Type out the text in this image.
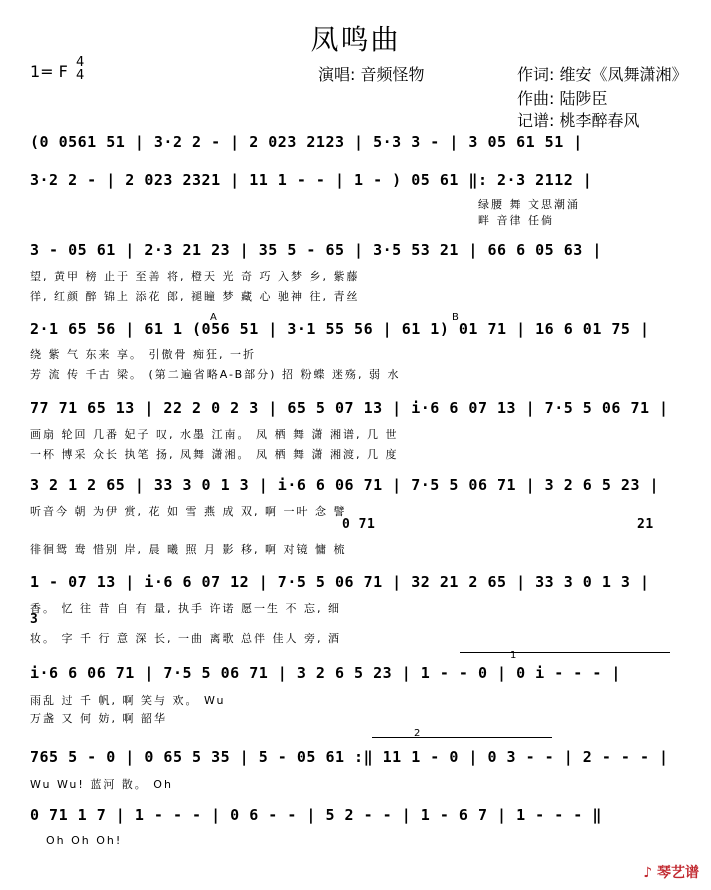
凤鸣曲
1= F 4
4	演唱: 音频怪物	作词: 维安《凤舞潇湘》
作曲: 陆陟臣
记谱: 桃李醉春风
(0 0561 51 | 3·2 2 - | 2 023 2123 | 5·3 3 - | 3 05 61 51 |
3·2 2 - | 2 023 2321 | 11 1 - - | 1 - ) 05 61 ‖: 2·3 2112 |
绿腰 舞 文思潮涌
畔 音律 任倘
3 - 05 61 | 2·3 21 23 | 35 5 - 65 | 3·5 53 21 | 66 6 05 63 |
望, 黄甲 榜 止于 至善 将, 橙天 光 奇 巧 入梦 乡, 紫藤
徉, 红颜 醉 锦上 添花 郎, 褪瞳 梦 藏 心 驰神 往, 青丝
A	B
2·1 65 56 | 61 1 (056 51 | 3·1 55 56 | 61 1) 01 71 | 16 6 01 75 |
绕 紫 气 东来 享。 引傲骨 痴狂, 一折
芳 流 传 千古 梁。 (第二遍省略A-B部分) 招 粉蝶 迷殇, 弱 水
77 71 65 13 | 22 2 0 2 3 | 65 5 07 13 | i·6 6 07 13 | 7·5 5 06 71 |
画扇 轮回 几番 妃子 叹, 水墨 江南。 凤 栖 舞 潇 湘谱, 几 世
一杯 博采 众长 执笔 扬, 凤舞 潇湘。 凤 栖 舞 潇 湘渡, 几 度
3 2 1 2 65 | 33 3 0 1 3 | i·6 6 06 71 | 7·5 5 06 71 | 3 2 6 5 23 |
听音今 朝 为伊 赏, 花 如 雪 燕 成 双, 啊 一叶 念 譬
0 71	21
徘徊鸳 鸯 惜别 岸, 晨 曦 照 月 影 移, 啊 对镜 慵 梳
1 - 07 13 | i·6 6 07 12 | 7·5 5 06 71 | 32 21 2 65 | 33 3 0 1 3 |
香。 忆 往 昔 自 有 量, 执手 许诺 愿一生 不 忘, 细
3
妆。 字 千 行 意 深 长, 一曲 离歌 总伴 佳人 旁, 酒
1
i·6 6 06 71 | 7·5 5 06 71 | 3 2 6 5 23 | 1 - - 0 | 0 i - - - |
雨乱 过 千 帆, 啊 笑与 欢。 Wu
万盏 又 何 妨, 啊 韶华
2
765 5 - 0 | 0 65 5 35 | 5 - 05 61 :‖ 11 1 - 0 | 0 3 - - | 2 - - - |
Wu Wu! 蓝河 散。 Oh
0 71 1 7 | 1 - - - | 0 6 - - | 5 2 - - | 1 - 6 7 | 1 - - - ‖
Oh Oh Oh!
♪ 琴艺谱
